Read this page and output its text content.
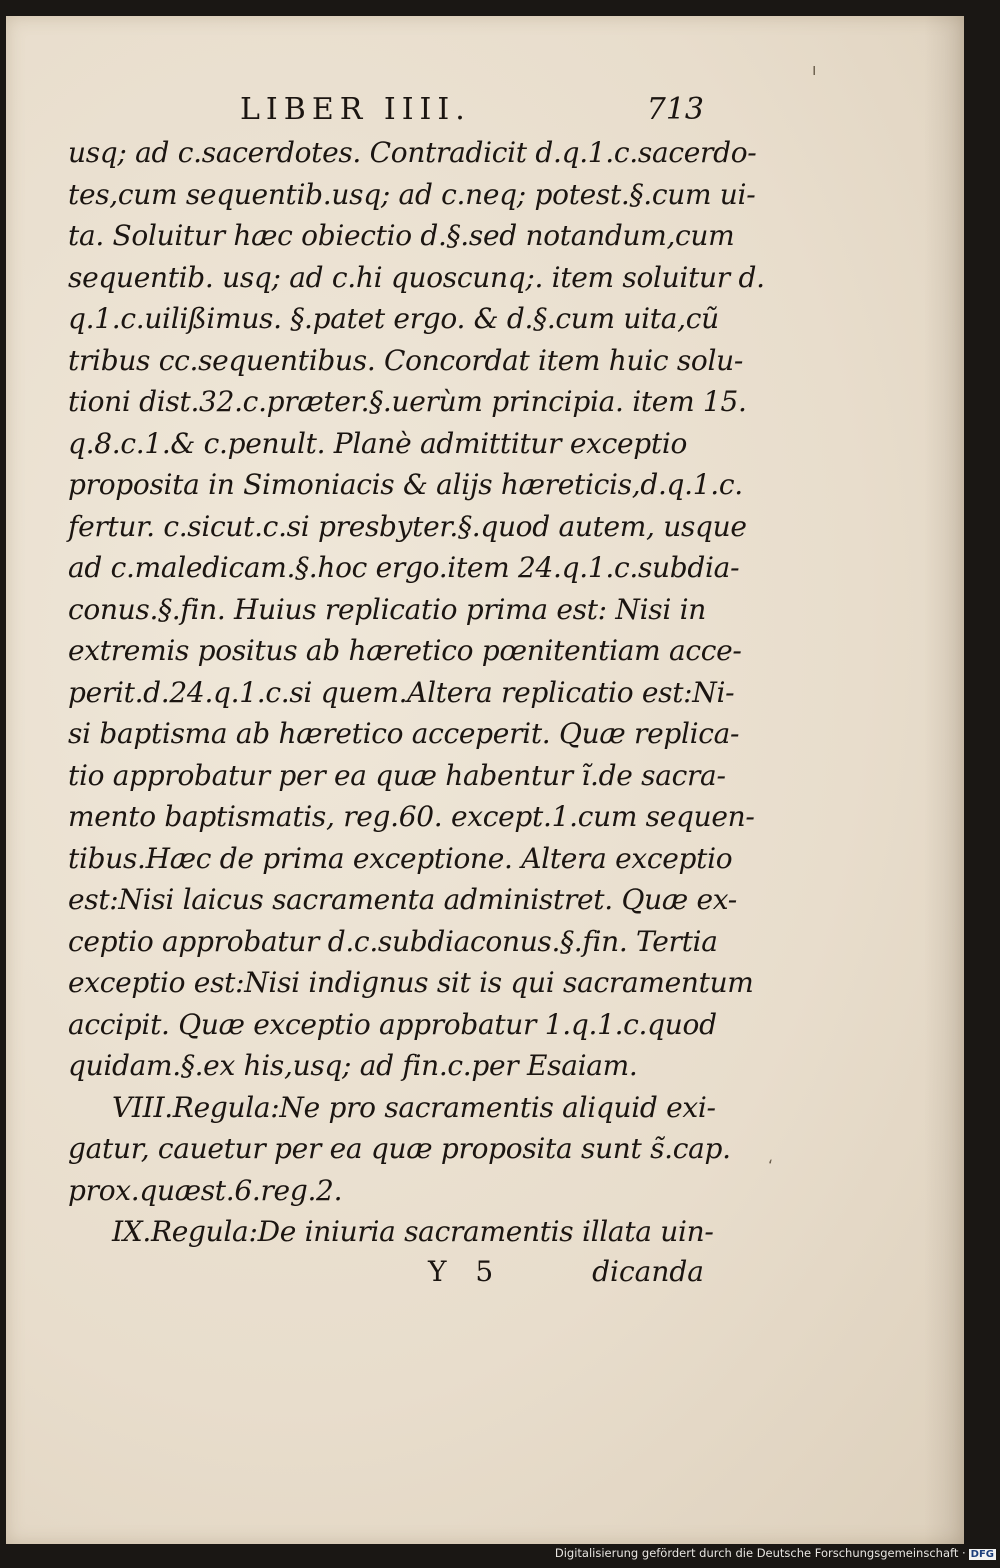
ı
‘
LIBER IIII.	713
usq; ad c.sacerdotes. Contradicit d.q.1.c.sacerdo-
tes,cum sequentib.usq; ad c.neq; potest.§.cum ui-
ta. Soluitur hæc obiectio d.§.sed notandum,cum
sequentib. usq; ad c.hi quoscunq;. item soluitur d.
q.1.c.uilißimus. §.patet ergo. & d.§.cum uita,cũ
tribus cc.sequentibus. Concordat item huic solu-
tioni dist.32.c.præter.§.uerùm principia. item 15.
q.8.c.1.& c.penult. Planè admittitur exceptio
proposita in Simoniacis & alijs hæreticis,d.q.1.c.
fertur. c.sicut.c.si presbyter.§.quod autem, usque
ad c.maledicam.§.hoc ergo.item 24.q.1.c.subdia-
conus.§.fin. Huius replicatio prima est: Nisi in
extremis positus ab hæretico pœnitentiam acce-
perit.d.24.q.1.c.si quem.Altera replicatio est:Ni-
si baptisma ab hæretico acceperit. Quæ replica-
tio approbatur per ea quæ habentur ĩ.de sacra-
mento baptismatis, reg.60. except.1.cum sequen-
tibus.Hæc de prima exceptione. Altera exceptio
est:Nisi laicus sacramenta administret. Quæ ex-
ceptio approbatur d.c.subdiaconus.§.fin. Tertia
exceptio est:Nisi indignus sit is qui sacramentum
accipit. Quæ exceptio approbatur 1.q.1.c.quod
quidam.§.ex his,usq; ad fin.c.per Esaiam.
VIII.Regula:Ne pro sacramentis aliquid exi-
gatur, cauetur per ea quæ proposita sunt s̃.cap.
prox.quæst.6.reg.2.
IX.Regula:De iniuria sacramentis illata uin-
Y 5	dicanda
Digitalisierung gefördert durch die Deutsche Forschungsgemeinschaft · DFG
